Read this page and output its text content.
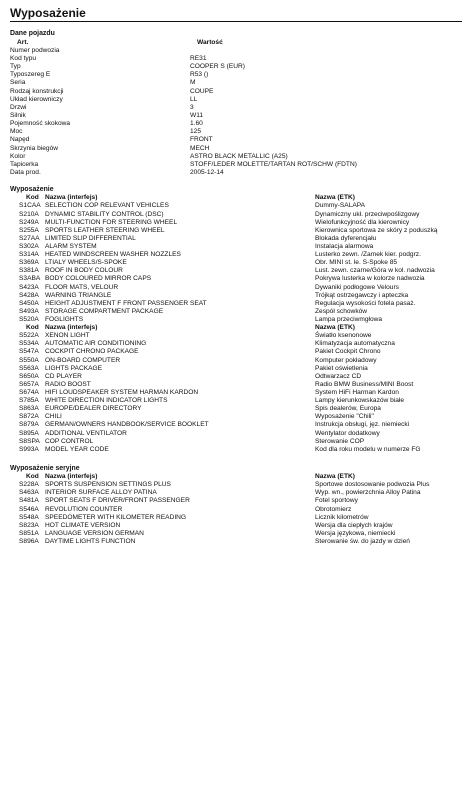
Wyposażenie
Dane pojazdu
Art.	Wartość
Numer podwozia
Kod typu	RE31
Typ	COOPER S (EUR)
Typoszereg E	R53 ()
Seria	M
Rodzaj konstrukcji	COUPE
Układ kierowniczy	LL
Drzwi	3
Silnik	W11
Pojemność skokowa	1.60
Moc	125
Napęd	FRONT
Skrzynia biegów	MECH
Kolor	ASTRO BLACK METALLIC (A25)
Tapicerka	STOFF/LEDER MOLETTE/TARTAN ROT/SCHW (FDTN)
Data prod.	2005-12-14
Wyposażenie
Kod Nazwa (interfejs)	Nazwa (ETK)
S1CAA SELECTION COP RELEVANT VEHICLES	Dummy-SALAPA
S210A DYNAMIC STABILITY CONTROL (DSC)	Dynamiczny ukł. przeciwpoślizgowy
S249A MULTI-FUNCTION FOR STEERING WHEEL	Wielofunkcyjność dla kierownicy
S255A SPORTS LEATHER STEERING WHEEL	Kierownica sportowa ze skóry z poduszką
S27AA LIMITED SLIP DIFFERENTIAL	Blokada dyferencjału
S302A ALARM SYSTEM	Instalacja alarmowa
S314A HEATED WINDSCREEN WASHER NOZZLES	Lusterko zewn. /Zamek kier. podgrz.
S369A LTIALY WHEELS/S-SPOKE	Obr. MINI st. le. S-Spoke 85
S381A ROOF IN BODY COLOUR	Lust. zewn. czarne/Góra w kol. nadwozia
S3ABA BODY COLOURED MIRROR CAPS	Pokrywa lusterka w kolorze nadwozia
S423A FLOOR MATS, VELOUR	Dywaniki podłogowe Velours
S428A WARNING TRIANGLE	Trójkąt ostrzegawczy i apteczka
S450A HEIGHT ADJUSTMENT F FRONT PASSENGER SEAT	Regulacja wysokości fotela pasaż.
S493A STORAGE COMPARTMENT PACKAGE	Zespół schowków
S520A FOGLIGHTS	Lampa przeciwmgłowa
Kod Nazwa (interfejs)	Nazwa (ETK)
S522A XENON LIGHT	Światło ksenonowe
S534A AUTOMATIC AIR CONDITIONING	Klimatyzacja automatyczna
S547A COCKPIT CHRONO PACKAGE	Pakiet Cockpit Chrono
S550A ON-BOARD COMPUTER	Komputer pokładowy
S563A LIGHTS PACKAGE	Pakiet oświetlenia
S650A CD PLAYER	Odtwarzacz CD
S657A RADIO BOOST	Radio BMW Business/MINI Boost
S674A HIFI LOUDSPEAKER SYSTEM HARMAN KARDON	System HiFi Harman Kardon
S785A WHITE DIRECTION INDICATOR LIGHTS	Lampy kierunkowskazów białe
S863A EUROPE/DEALER DIRECTORY	Spis dealerów, Europa
S872A CHILI	Wyposażenie "Chili"
S879A GERMAN/OWNERS HANDBOOK/SERVICE BOOKLET	Instrukcja obsługi, jęz. niemiecki
S895A ADDITIONAL VENTILATOR	Wentylator dodatkowy
S8SPA COP CONTROL	Sterowanie COP
S993A MODEL YEAR CODE	Kod dla roku modelu w numerze FG
Wyposażenie seryjne
Kod Nazwa (interfejs)	Nazwa (ETK)
S228A SPORTS SUSPENSION SETTINGS PLUS	Sportowe dostosowanie podwozia Plus
S463A INTERIOR SURFACE ALLOY PATINA	Wyp. wn., powierzchnia Alloy Patina
S481A SPORT SEATS F DRIVER/FRONT PASSENGER	Fotel sportowy
S546A REVOLUTION COUNTER	Obrotomierz
S548A SPEEDOMETER WITH KILOMETER READING	Licznik kilometrów
S823A HOT CLIMATE VERSION	Wersja dla ciepłych krajów
S851A LANGUAGE VERSION GERMAN	Wersja językowa, niemiecki
S896A DAYTIME LIGHTS FUNCTION	Sterowanie św. do jazdy w dzień
